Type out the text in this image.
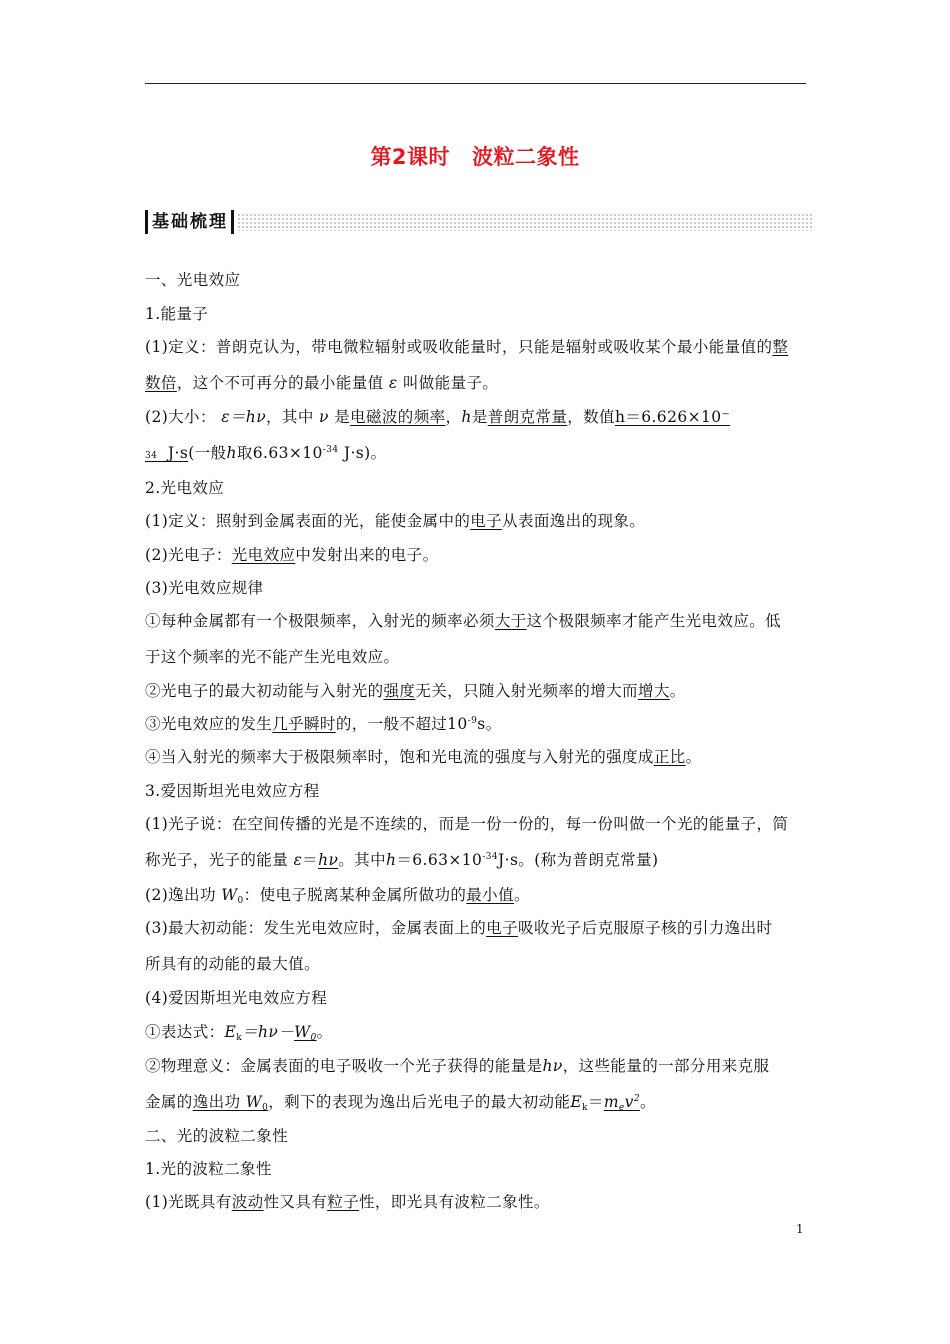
第2课时 波粒二象性
基础梳理
一、光电效应
1.能量子
(1)定义：普朗克认为，带电微粒辐射或吸收能量时，只能是辐射或吸收某个最小能量值的整
数倍，这个不可再分的最小能量值 ε 叫做能量子。
(2)大小： ε＝hν，其中 ν 是电磁波的频率，h是普朗克常量，数值h＝6.626×10⁻
34 J·s(一般h取$6.63\times 10^{-34}$ J·s)。
2.光电效应
(1)定义：照射到金属表面的光，能使金属中的电子从表面逸出的现象。
(2)光电子：光电效应中发射出来的电子。
(3)光电效应规律
①每种金属都有一个极限频率，入射光的频率必须大于这个极限频率才能产生光电效应。低
于这个频率的光不能产生光电效应。
②光电子的最大初动能与入射光的强度无关，只随入射光频率的增大而增大。
③光电效应的发生几乎瞬时的，一般不超过$10^{-9}s$。
④当入射光的频率大于极限频率时，饱和光电流的强度与入射光的强度成正比。
3.爱因斯坦光电效应方程
(1)光子说：在空间传播的光是不连续的，而是一份一份的，每一份叫做一个光的能量子，简
称光子，光子的能量 ε＝hν。其中$h=6.63\times 10^{-34}J\cdot s$。(称为普朗克常量)
(2)逸出功 $W_0$：使电子脱离某种金属所做功的最小值。
(3)最大初动能：发生光电效应时，金属表面上的电子吸收光子后克服原子核的引力逸出时
所具有的动能的最大值。
(4)爱因斯坦光电效应方程
①表达式：$E_k=h\nu-W_0$。
②物理意义：金属表面的电子吸收一个光子获得的能量是hν，这些能量的一部分用来克服
金属的逸出功 $W_0$，剩下的表现为逸出后光电子的最大初动能$E_k=m_ev^2$。
二、光的波粒二象性
1.光的波粒二象性
(1)光既具有波动性又具有粒子性，即光具有波粒二象性。
1
